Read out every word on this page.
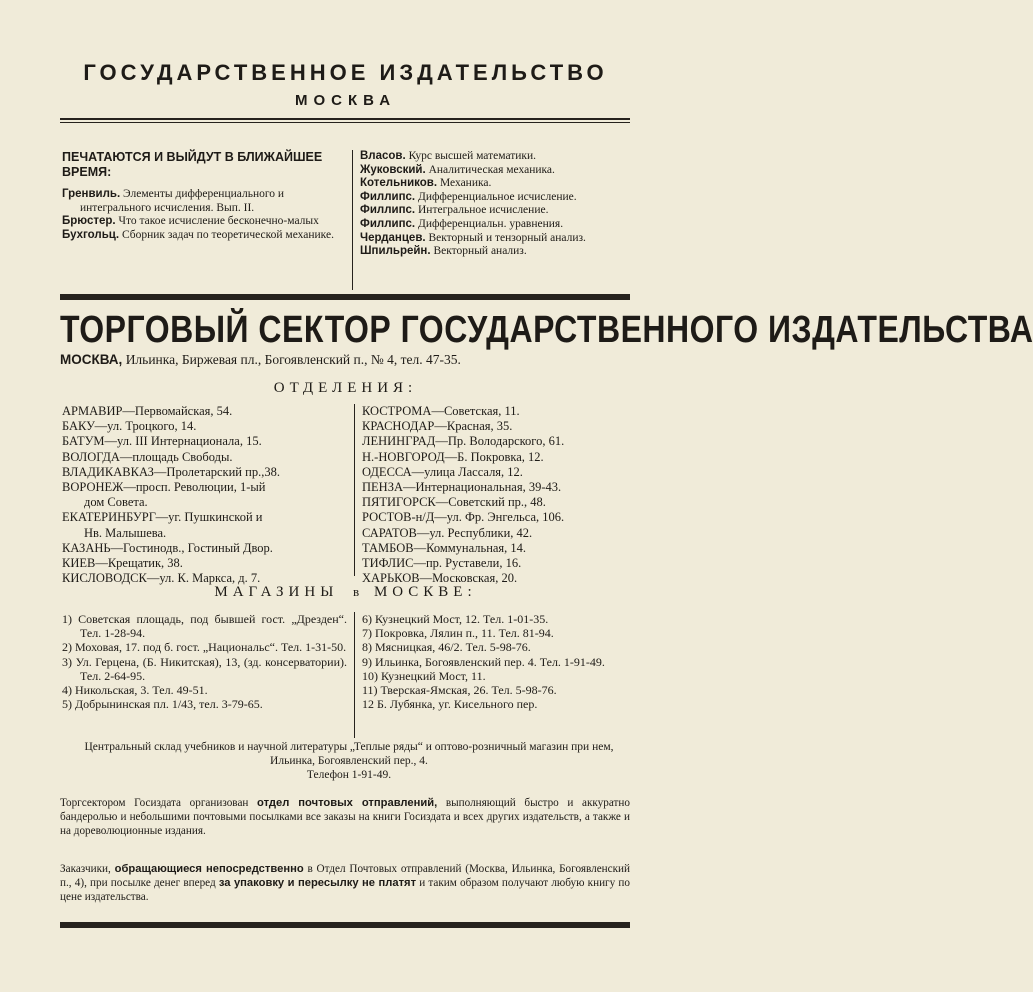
ГОСУДАРСТВЕННОЕ ИЗДАТЕЛЬСТВО
МОСКВА

ПЕЧАТАЮТСЯ И ВЫЙДУТ В БЛИЖАЙШЕЕ ВРЕМЯ:

Гренвиль. Элементы дифференциального и интегрального исчисления. Вып. II.

Брюстер. Что такое исчисление бесконечно-малых

Бухгольц. Сборник задач по теоретической механике.

Власов. Курс высшей математики.

Жуковский. Аналитическая механика.

Котельников. Механика.

Филлипс. Дифференциальное исчисление.

Филлипс. Интегральное исчисление.

Филлипс. Дифференциальн. уравнения.

Черданцев. Векторный и тензорный анализ.

Шпильрейн. Векторный анализ.

ТОРГОВЫЙ СЕКТОР ГОСУДАРСТВЕННОГО ИЗДАТЕЛЬСТВА
МОСКВА, Ильинка, Биржевая пл., Богоявленский п., № 4, тел. 47-35.
ОТДЕЛЕНИЯ:

АРМАВИР—Первомайская, 54.

БАКУ—ул. Троцкого, 14.

БАТУМ—ул. III Интернационала, 15.

ВОЛОГДА—площадь Свободы.

ВЛАДИКАВКАЗ—Пролетарский пр.,38.

ВОРОНЕЖ—просп. Революции, 1-ый

дом Совета.

ЕКАТЕРИНБУРГ—уг. Пушкинской и

Нв. Малышева.

КАЗАНЬ—Гостинодв., Гостиный Двор.

КИЕВ—Крещатик, 38.

КИСЛОВОДСК—ул. К. Маркса, д. 7.

КОСТРОМА—Советская, 11.

КРАСНОДАР—Красная, 35.

ЛЕНИНГРАД—Пр. Володарского, 61.

Н.-НОВГОРОД—Б. Покровка, 12.

ОДЕССА—улица Лассаля, 12.

ПЕНЗА—Интернациональная, 39-43.

ПЯТИГОРСК—Советский пр., 48.

РОСТОВ-н/Д—ул. Фр. Энгельса, 106.

САРАТОВ—ул. Республики, 42.

ТАМБОВ—Коммунальная, 14.

ТИФЛИС—пр. Руставели, 16.

ХАРЬКОВ—Московская, 20.

МАГАЗИНЫ в МОСКВЕ:

1) Советская площадь, под бывшей гост. „Дрезден“. Тел. 1-28-94.

2) Моховая, 17. под б. гост. „Национальс“. Тел. 1-31-50.

3) Ул. Герцена, (Б. Никитская), 13, (зд. консерватории). Тел. 2-64-95.

4) Никольская, 3. Тел. 49-51.

5) Добрынинская пл. 1/43, тел. 3-79-65.

6) Кузнецкий Мост, 12. Тел. 1-01-35.

7) Покровка, Лялин п., 11. Тел. 81-94.

8) Мясницкая, 46/2. Тел. 5-98-76.

9) Ильинка, Богоявленский пер. 4. Тел. 1-91-49.

10) Кузнецкий Мост, 11.

11) Тверская-Ямская, 26. Тел. 5-98-76.

12 Б. Лубянка, уг. Кисельного пер.

Центральный склад учебников и научной литературы „Теплые ряды“ и оптово-розничный магазин при нем, Ильинка, Богоявленский пер., 4.
Телефон 1-91-49.
Торгсектором Госиздата организован отдел почтовых отправлений, выполняющий быстро и аккуратно бандеролью и небольшими почтовыми посылками все заказы на книги Госиздата и всех других издательств, а также и на дореволюционные издания.
Заказчики, обращающиеся непосредственно в Отдел Почтовых отправлений (Москва, Ильинка, Богоявленский п., 4), при посылке денег вперед за упаковку и пересылку не платят и таким образом получают любую книгу по цене издательства.
